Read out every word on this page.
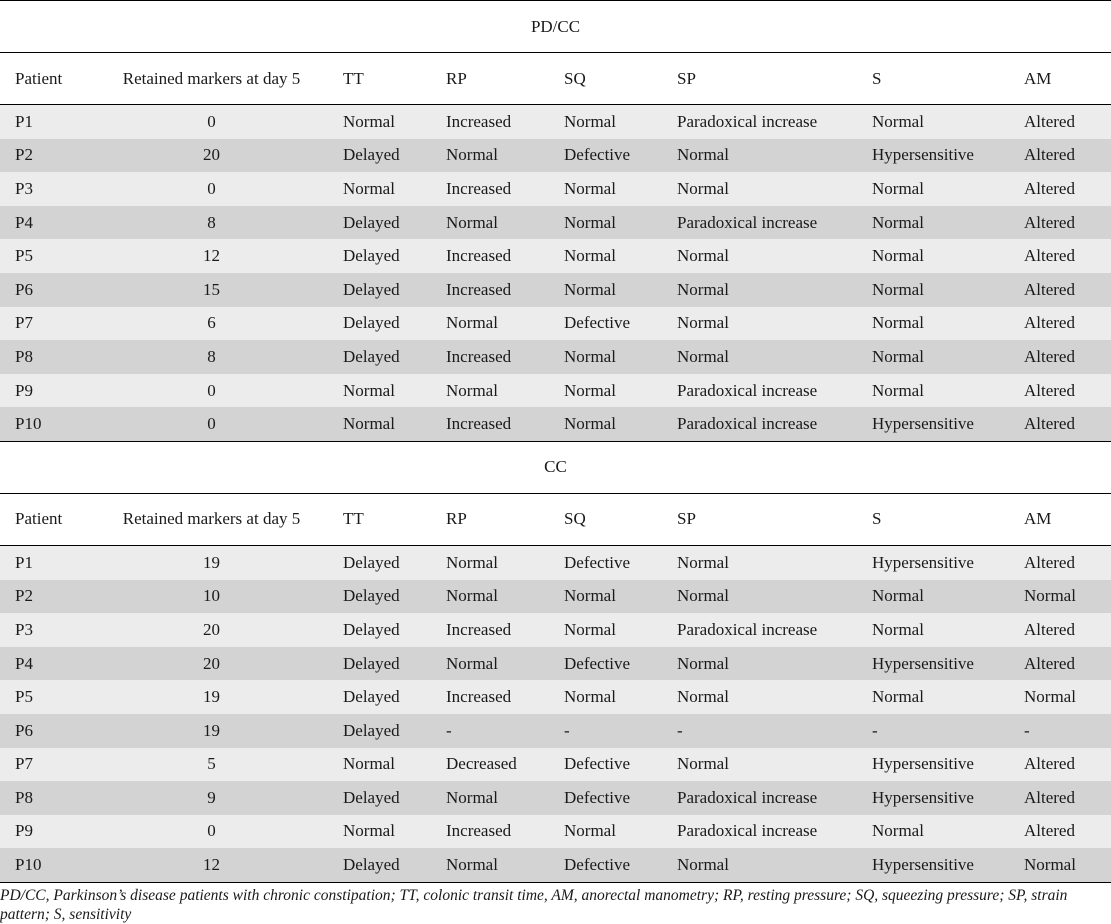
PD/CC							
Patient	Retained markers at day 5	TT	RP	SQ	SP	S	AM
P1	0	Normal	Increased	Normal	Paradoxical increase	Normal	Altered
P2	20	Delayed	Normal	Defective	Normal	Hypersensitive	Altered
P3	0	Normal	Increased	Normal	Normal	Normal	Altered
P4	8	Delayed	Normal	Normal	Paradoxical increase	Normal	Altered
P5	12	Delayed	Increased	Normal	Normal	Normal	Altered
P6	15	Delayed	Increased	Normal	Normal	Normal	Altered
P7	6	Delayed	Normal	Defective	Normal	Normal	Altered
P8	8	Delayed	Increased	Normal	Normal	Normal	Altered
P9	0	Normal	Normal	Normal	Paradoxical increase	Normal	Altered
P10	0	Normal	Increased	Normal	Paradoxical increase	Hypersensitive	Altered
CC							
Patient	Retained markers at day 5	TT	RP	SQ	SP	S	AM
P1	19	Delayed	Normal	Defective	Normal	Hypersensitive	Altered
P2	10	Delayed	Normal	Normal	Normal	Normal	Normal
P3	20	Delayed	Increased	Normal	Paradoxical increase	Normal	Altered
P4	20	Delayed	Normal	Defective	Normal	Hypersensitive	Altered
P5	19	Delayed	Increased	Normal	Normal	Normal	Normal
P6	19	Delayed	-	-	-	-	-
P7	5	Normal	Decreased	Defective	Normal	Hypersensitive	Altered
P8	9	Delayed	Normal	Defective	Paradoxical increase	Hypersensitive	Altered
P9	0	Normal	Increased	Normal	Paradoxical increase	Normal	Altered
P10	12	Delayed	Normal	Defective	Normal	Hypersensitive	Normal

PD/CC, Parkinson’s disease patients with chronic constipation; TT, colonic transit time, AM, anorectal manometry; RP, resting pressure; SQ, squeezing pressure; SP, strain pattern; S, sensitivity
